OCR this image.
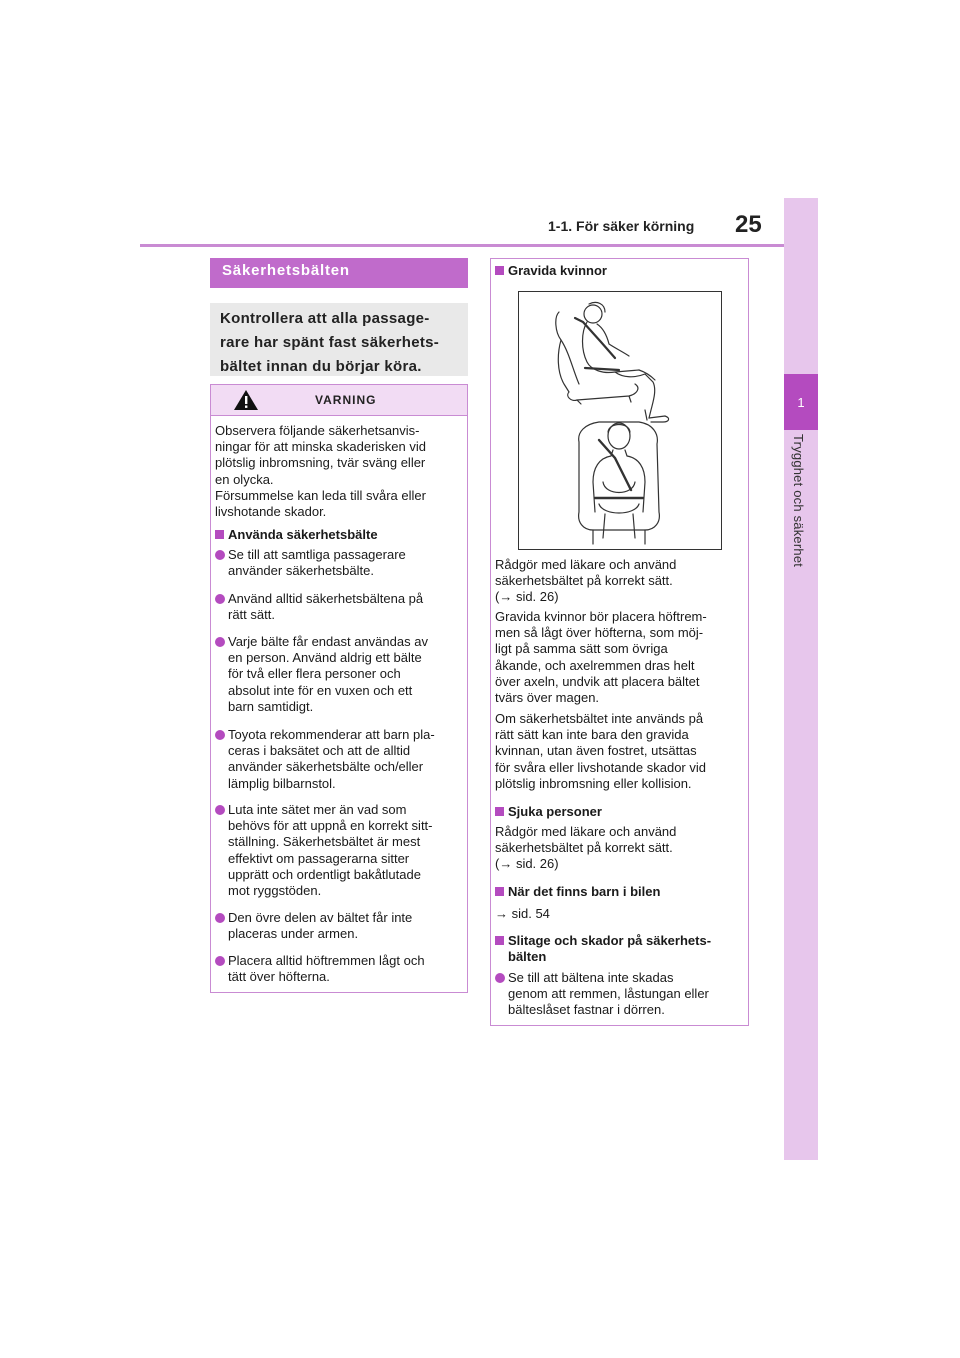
1-1. För säker körning 25
1
Trygghet och säkerhet
Säkerhetsbälten
Kontrollera att alla passage-
rare har spänt fast säkerhets-
bältet innan du börjar köra.
VARNING
Observera följande säkerhetsanvis-
ningar för att minska skaderisken vid
plötslig inbromsning, tvär sväng eller
en olycka.
Försummelse kan leda till svåra eller
livshotande skador.
Använda säkerhetsbälte
Se till att samtliga passagerare
använder säkerhetsbälte.
Använd alltid säkerhetsbältena på
rätt sätt.
Varje bälte får endast användas av
en person. Använd aldrig ett bälte
för två eller flera personer och
absolut inte för en vuxen och ett
barn samtidigt.
Toyota rekommenderar att barn pla-
ceras i baksätet och att de alltid
använder säkerhetsbälte och/eller
lämplig bilbarnstol.
Luta inte sätet mer än vad som
behövs för att uppnå en korrekt sitt-
ställning. Säkerhetsbältet är mest
effektivt om passagerarna sitter
upprätt och ordentligt bakåtlutade
mot ryggstöden.
Den övre delen av bältet får inte
placeras under armen.
Placera alltid höftremmen lågt och
tätt över höfterna.
Gravida kvinnor
Rådgör med läkare och använd
säkerhetsbältet på korrekt sätt.
(→ sid. 26)
Gravida kvinnor bör placera höftrem-
men så lågt över höfterna, som möj-
ligt på samma sätt som övriga
åkande, och axelremmen dras helt
över axeln, undvik att placera bältet
tvärs över magen.
Om säkerhetsbältet inte används på
rätt sätt kan inte bara den gravida
kvinnan, utan även fostret, utsättas
för svåra eller livshotande skador vid
plötslig inbromsning eller kollision.
Sjuka personer
Rådgör med läkare och använd
säkerhetsbältet på korrekt sätt.
(→ sid. 26)
När det finns barn i bilen
→ sid. 54
Slitage och skador på säkerhets-
bälten
Se till att bältena inte skadas
genom att remmen, låstungan eller
bälteslåset fastnar i dörren.
